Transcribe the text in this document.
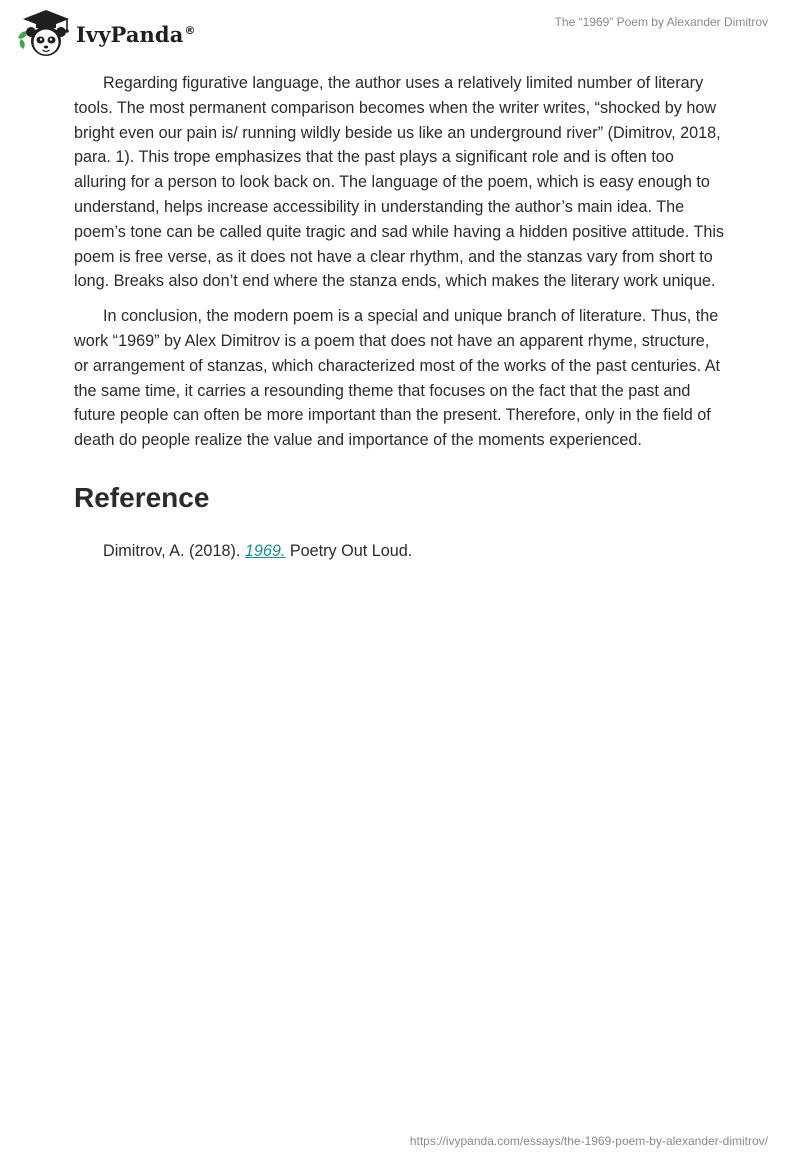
IvyPanda®
The “1969” Poem by Alexander Dimitrov

Regarding figurative language, the author uses a relatively limited number of literary tools. The most permanent comparison becomes when the writer writes, “shocked by how bright even our pain is/ running wildly beside us like an underground river” (Dimitrov, 2018, para. 1). This trope emphasizes that the past plays a significant role and is often too alluring for a person to look back on. The language of the poem, which is easy enough to understand, helps increase accessibility in understanding the author’s main idea. The poem’s tone can be called quite tragic and sad while having a hidden positive attitude. This poem is free verse, as it does not have a clear rhythm, and the stanzas vary from short to long. Breaks also don’t end where the stanza ends, which makes the literary work unique.

In conclusion, the modern poem is a special and unique branch of literature. Thus, the work “1969” by Alex Dimitrov is a poem that does not have an apparent rhyme, structure, or arrangement of stanzas, which characterized most of the works of the past centuries. At the same time, it carries a resounding theme that focuses on the fact that the past and future people can often be more important than the present. Therefore, only in the field of death do people realize the value and importance of the moments experienced.

Reference
Dimitrov, A. (2018). 1969. Poetry Out Loud.
https://ivypanda.com/essays/the-1969-poem-by-alexander-dimitrov/
